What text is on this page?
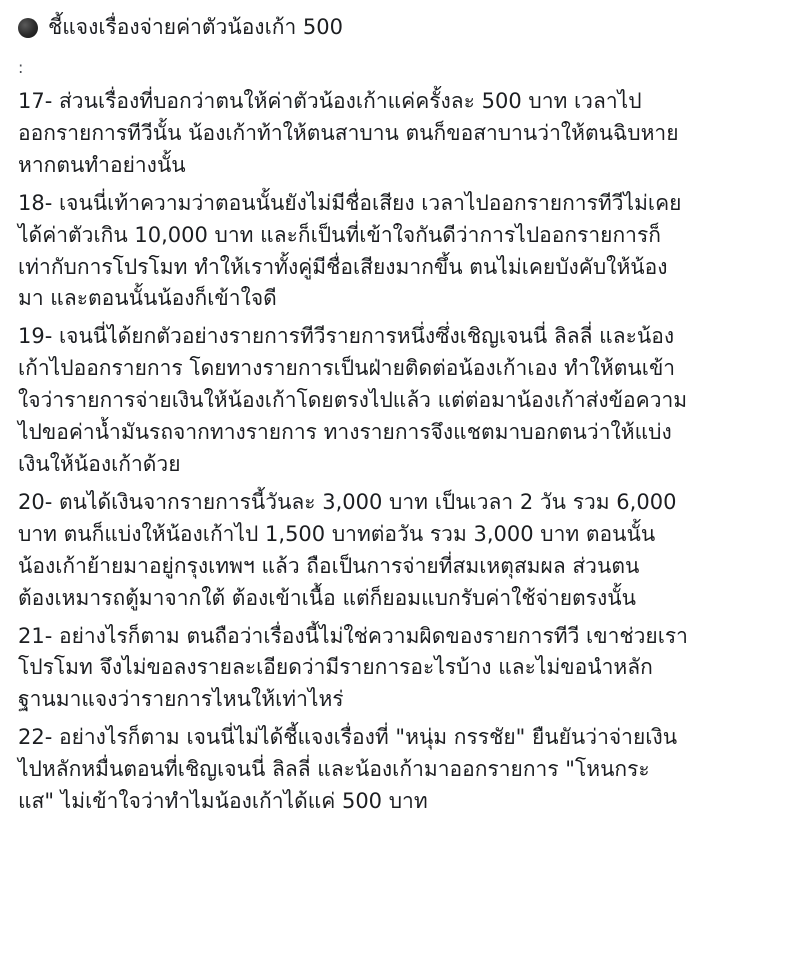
ชี้แจงเรื่องจ่ายค่าตัวน้องเก้า 500
:
17- ส่วนเรื่องที่บอกว่าตนให้ค่าตัวน้องเก้าแค่ครั้งละ 500 บาท เวลาไป
ออกรายการทีวีนั้น น้องเก้าท้าให้ตนสาบาน ตนก็ขอสาบานว่าให้ตนฉิบหาย
หากตนทำอย่างนั้น
18- เจนนี่เท้าความว่าตอนนั้นยังไม่มีชื่อเสียง เวลาไปออกรายการทีวีไม่เคย
ได้ค่าตัวเกิน 10,000 บาท และก็เป็นที่เข้าใจกันดีว่าการไปออกรายการก็
เท่ากับการโปรโมท ทำให้เราทั้งคู่มีชื่อเสียงมากขึ้น ตนไม่เคยบังคับให้น้อง
มา และตอนนั้นน้องก็เข้าใจดี
19- เจนนี่ได้ยกตัวอย่างรายการทีวีรายการหนึ่งซึ่งเชิญเจนนี่ ลิลลี่ และน้อง
เก้าไปออกรายการ โดยทางรายการเป็นฝ่ายติดต่อน้องเก้าเอง ทำให้ตนเข้า
ใจว่ารายการจ่ายเงินให้น้องเก้าโดยตรงไปแล้ว แต่ต่อมาน้องเก้าส่งข้อความ
ไปขอค่าน้ำมันรถจากทางรายการ ทางรายการจึงแชตมาบอกตนว่าให้แบ่ง
เงินให้น้องเก้าด้วย
20- ตนได้เงินจากรายการนี้วันละ 3,000 บาท เป็นเวลา 2 วัน รวม 6,000
บาท ตนก็แบ่งให้น้องเก้าไป 1,500 บาทต่อวัน รวม 3,000 บาท ตอนนั้น
น้องเก้าย้ายมาอยู่กรุงเทพฯ แล้ว ถือเป็นการจ่ายที่สมเหตุสมผล ส่วนตน
ต้องเหมารถตู้มาจากใต้ ต้องเข้าเนื้อ แต่ก็ยอมแบกรับค่าใช้จ่ายตรงนั้น
21- อย่างไรก็ตาม ตนถือว่าเรื่องนี้ไม่ใช่ความผิดของรายการทีวี เขาช่วยเรา
โปรโมท จึงไม่ขอลงรายละเอียดว่ามีรายการอะไรบ้าง และไม่ขอนำหลัก
ฐานมาแจงว่ารายการไหนให้เท่าไหร่
22- อย่างไรก็ตาม เจนนี่ไม่ได้ชี้แจงเรื่องที่ "หนุ่ม กรรชัย" ยืนยันว่าจ่ายเงิน
ไปหลักหมื่นตอนที่เชิญเจนนี่ ลิลลี่ และน้องเก้ามาออกรายการ "โหนกระ
แส" ไม่เข้าใจว่าทำไมน้องเก้าได้แค่ 500 บาท
